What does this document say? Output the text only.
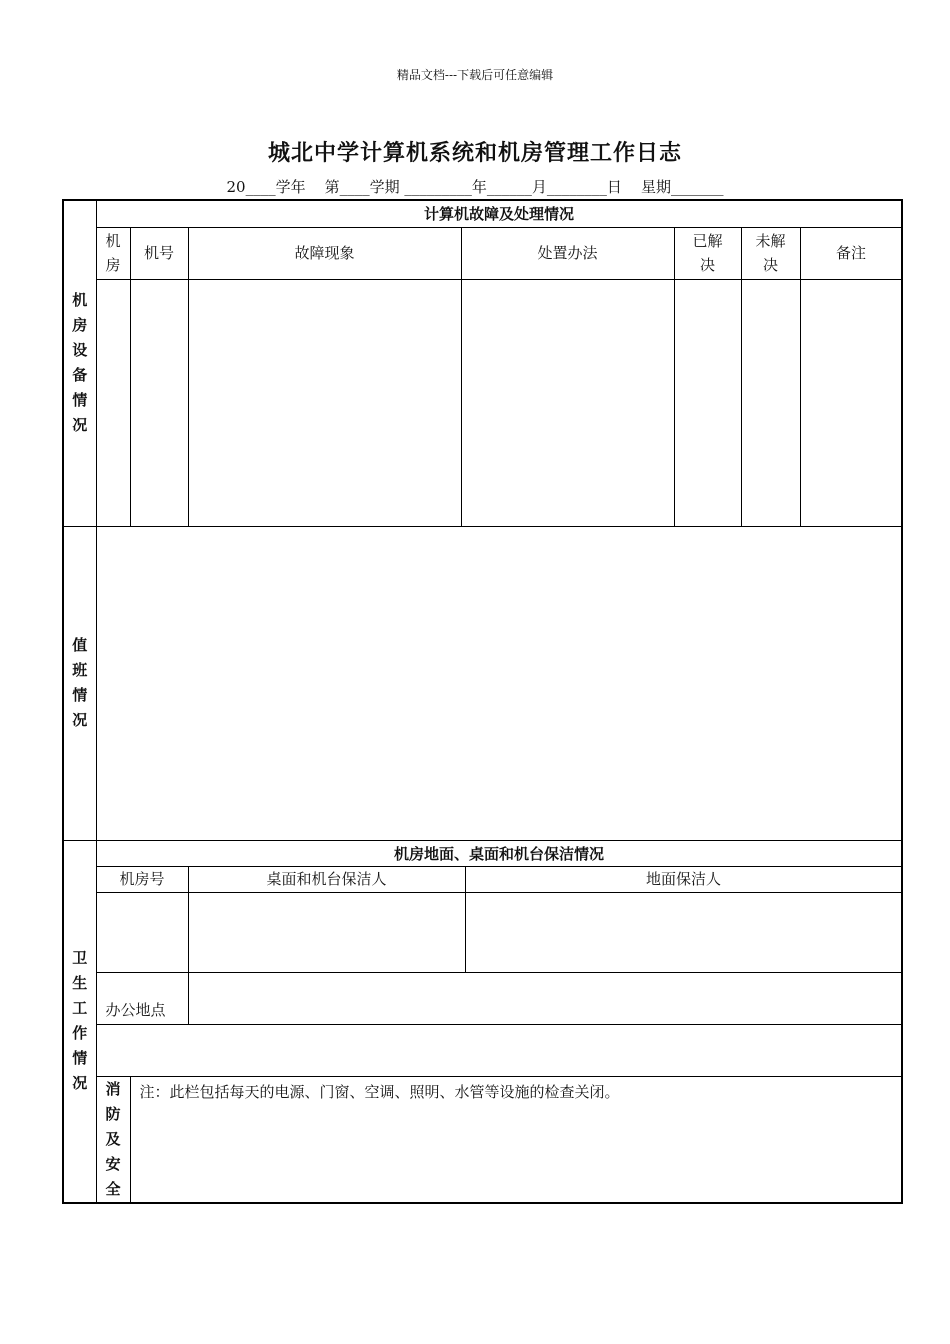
精品文档---下载后可任意编辑
城北中学计算机系统和机房管理工作日志
20____学年    第____学期 _________年______月________日    星期_______
机房设备情况	计算机故障及处理情况							
	机房	机号	故障现象	处置办法		已解决	未解决	备注

值班情况								
卫生工作情况	机房地面、桌面和机台保洁情况							
	机房号		桌面和机台保洁人		地面保洁人			

	办公地点							

	消防及安全	注：此栏包括每天的电源、门窗、空调、照明、水管等设施的检查关闭。						
